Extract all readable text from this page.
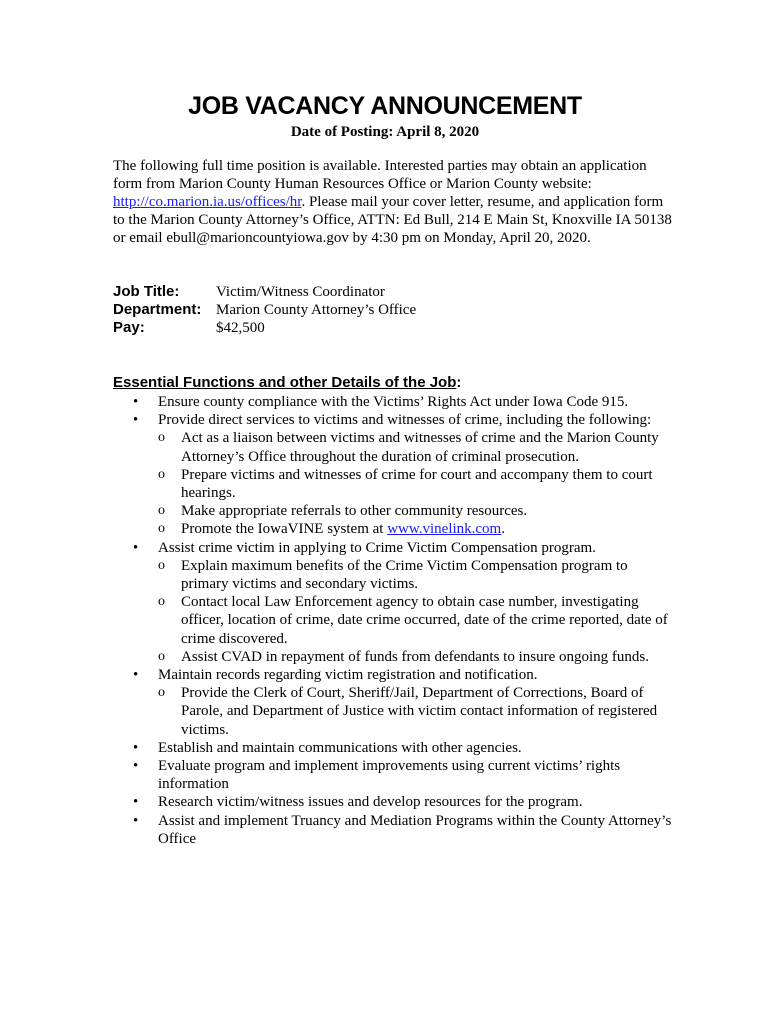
JOB VACANCY ANNOUNCEMENT
Date of Posting: April 8, 2020

The following full time position is available. Interested parties may obtain an application form from Marion County Human Resources Office or Marion County website: http://co.marion.ia.us/offices/hr. Please mail your cover letter, resume, and application form to the Marion County Attorney’s Office, ATTN: Ed Bull, 214 E Main St, Knoxville IA 50138 or email ebull@marioncountyiowa.gov by 4:30 pm on Monday, April 20, 2020.

Job Title:	Victim/Witness Coordinator
Department: Marion County Attorney’s Office
Pay:	$42,500
Essential Functions and other Details of the Job:
• Ensure county compliance with the Victims’ Rights Act under Iowa Code 915.
• Provide direct services to victims and witnesses of crime, including the following:
o Act as a liaison between victims and witnesses of crime and the Marion County Attorney’s Office throughout the duration of criminal prosecution.
o Prepare victims and witnesses of crime for court and accompany them to court hearings.
o Make appropriate referrals to other community resources.
o Promote the IowaVINE system at www.vinelink.com.
• Assist crime victim in applying to Crime Victim Compensation program.
o Explain maximum benefits of the Crime Victim Compensation program to primary victims and secondary victims.
o Contact local Law Enforcement agency to obtain case number, investigating officer, location of crime, date crime occurred, date of the crime reported, date of crime discovered.
o Assist CVAD in repayment of funds from defendants to insure ongoing funds.
• Maintain records regarding victim registration and notification.
o Provide the Clerk of Court, Sheriff/Jail, Department of Corrections, Board of Parole, and Department of Justice with victim contact information of registered victims.
• Establish and maintain communications with other agencies.
• Evaluate program and implement improvements using current victims’ rights information
• Research victim/witness issues and develop resources for the program.
• Assist and implement Truancy and Mediation Programs within the County Attorney’s Office
